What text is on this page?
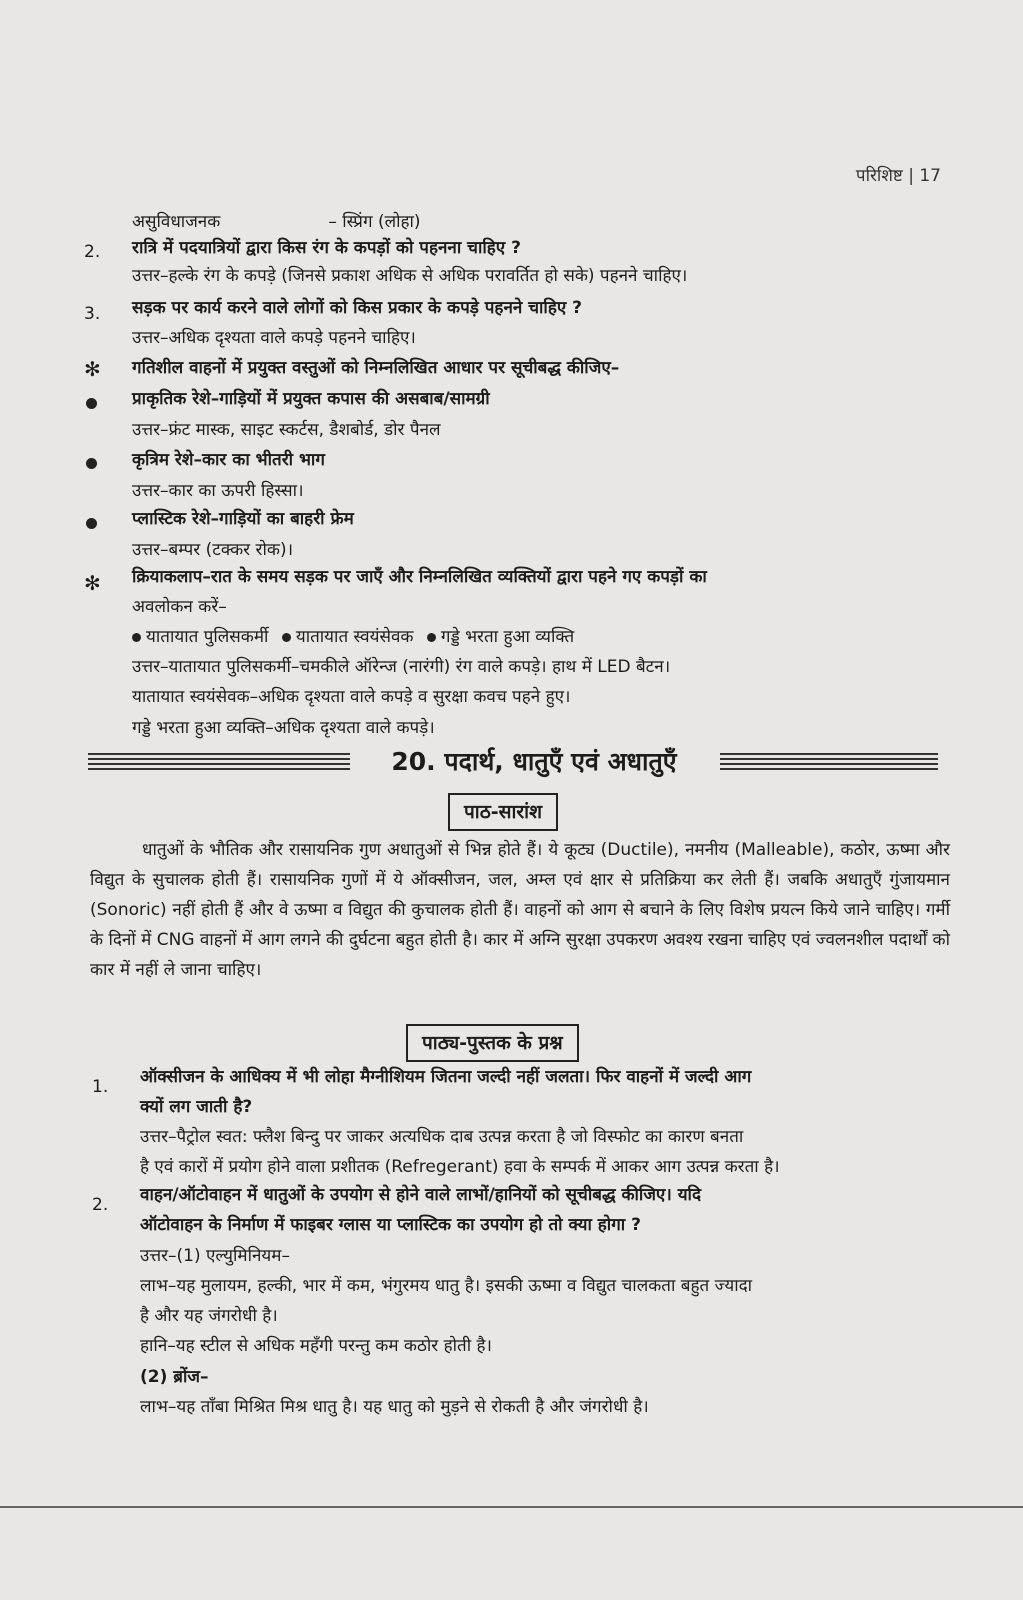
परिशिष्ट | 17
असुविधाजनक                    – स्प्रिंग (लोहा)
2. रात्रि में पदयात्रियों द्वारा किस रंग के कपड़ों को पहनना चाहिए ?
उत्तर–हल्के रंग के कपड़े (जिनसे प्रकाश अधिक से अधिक परावर्तित हो सके) पहनने चाहिए।
3. सड़क पर कार्य करने वाले लोगों को किस प्रकार के कपड़े पहनने चाहिए ?
उत्तर–अधिक दृश्यता वाले कपड़े पहनने चाहिए।
✻ गतिशील वाहनों में प्रयुक्त वस्तुओं को निम्नलिखित आधार पर सूचीबद्ध कीजिए–
प्राकृतिक रेशे–गाड़ियों में प्रयुक्त कपास की असबाब/सामग्री
उत्तर–फ्रंट मास्क, साइट स्कर्टस, डैशबोर्ड, डोर पैनल
कृत्रिम रेशे–कार का भीतरी भाग
उत्तर–कार का ऊपरी हिस्सा।
प्लास्टिक रेशे–गाड़ियों का बाहरी फ्रेम
उत्तर–बम्पर (टक्कर रोक)।
✻ क्रियाकलाप–रात के समय सड़क पर जाएँ और निम्नलिखित व्यक्तियों द्वारा पहने गए कपड़ों का
अवलोकन करें–
यातायात पुलिसकर्मी यातायात स्वयंसेवक गड्डे भरता हुआ व्यक्ति
उत्तर–यातायात पुलिसकर्मी–चमकीले ऑरेन्ज (नारंगी) रंग वाले कपड़े। हाथ में LED बैटन।
यातायात स्वयंसेवक–अधिक दृश्यता वाले कपड़े व सुरक्षा कवच पहने हुए।
गड्डे भरता हुआ व्यक्ति–अधिक दृश्यता वाले कपड़े।
20. पदार्थ, धातुएँ एवं अधातुएँ
पाठ-सारांश
धातुओं के भौतिक और रासायनिक गुण अधातुओं से भिन्न होते हैं। ये कूट्य (Ductile), नमनीय (Malleable), कठोर, ऊष्मा और विद्युत के सुचालक होती हैं। रासायनिक गुणों में ये ऑक्सीजन, जल, अम्ल एवं क्षार से प्रतिक्रिया कर लेती हैं। जबकि अधातुएँ गुंजायमान (Sonoric) नहीं होती हैं और वे ऊष्मा व विद्युत की कुचालक होती हैं। वाहनों को आग से बचाने के लिए विशेष प्रयत्न किये जाने चाहिए। गर्मी के दिनों में CNG वाहनों में आग लगने की दुर्घटना बहुत होती है। कार में अग्नि सुरक्षा उपकरण अवश्य रखना चाहिए एवं ज्वलनशील पदार्थों को कार में नहीं ले जाना चाहिए।
पाठ्य-पुस्तक के प्रश्न
1. ऑक्सीजन के आधिक्य में भी लोहा मैग्नीशियम जितना जल्दी नहीं जलता। फिर वाहनों में जल्दी आग
क्यों लग जाती है?
उत्तर–पैट्रोल स्वत: फ्लैश बिन्दु पर जाकर अत्यधिक दाब उत्पन्न करता है जो विस्फोट का कारण बनता
है एवं कारों में प्रयोग होने वाला प्रशीतक (Refregerant) हवा के सम्पर्क में आकर आग उत्पन्न करता है।
2. वाहन/ऑटोवाहन में धातुओं के उपयोग से होने वाले लाभों/हानियों को सूचीबद्ध कीजिए। यदि
ऑटोवाहन के निर्माण में फाइबर ग्लास या प्लास्टिक का उपयोग हो तो क्या होगा ?
उत्तर–(1) एल्युमिनियम–
लाभ–यह मुलायम, हल्की, भार में कम, भंगुरमय धातु है। इसकी ऊष्मा व विद्युत चालकता बहुत ज्यादा
है और यह जंगरोधी है।
हानि–यह स्टील से अधिक महँगी परन्तु कम कठोर होती है।
(2) ब्रोंज–
लाभ–यह ताँबा मिश्रित मिश्र धातु है। यह धातु को मुड़ने से रोकती है और जंगरोधी है।
